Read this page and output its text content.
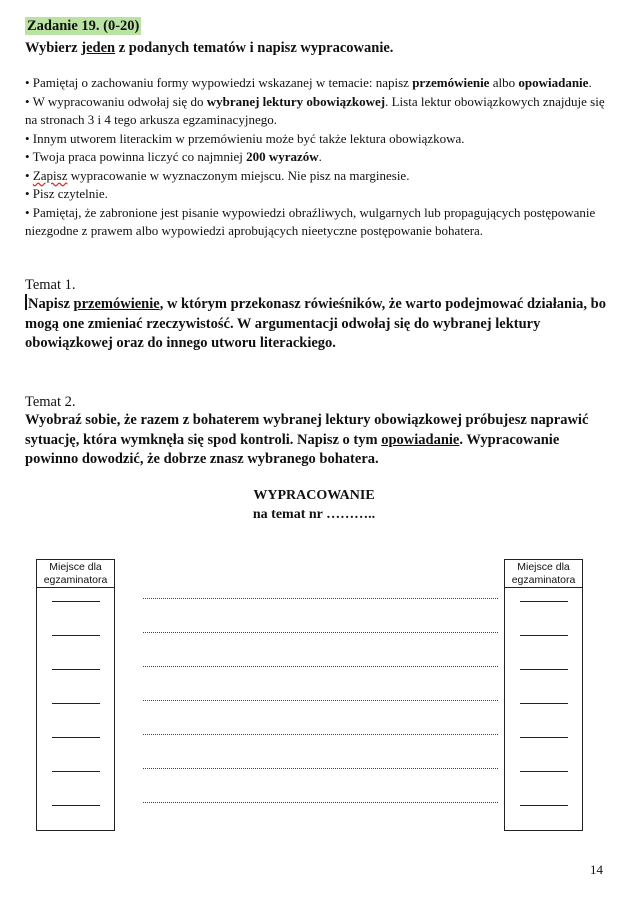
Zadanie 19. (0-20)
Wybierz jeden z podanych tematów i napisz wypracowanie.

• Pamiętaj o zachowaniu formy wypowiedzi wskazanej w temacie: napisz przemówienie albo opowiadanie.

• W wypracowaniu odwołaj się do wybranej lektury obowiązkowej. Lista lektur obowiązkowych znajduje się na stronach 3 i 4 tego arkusza egzaminacyjnego.

• Innym utworem literackim w przemówieniu może być także lektura obowiązkowa.

• Twoja praca powinna liczyć co najmniej 200 wyrazów.

• Zapisz wypracowanie w wyznaczonym miejscu. Nie pisz na marginesie.

• Pisz czytelnie.

• Pamiętaj, że zabronione jest pisanie wypowiedzi obraźliwych, wulgarnych lub propagujących postępowanie niezgodne z prawem albo wypowiedzi aprobujących nieetyczne postępowanie bohatera.

Temat 1.
Napisz przemówienie, w którym przekonasz rówieśników, że warto podejmować działania, bo mogą one zmieniać rzeczywistość. W argumentacji odwołaj się do wybranej lektury obowiązkowej oraz do innego utworu literackiego.
Temat 2.
Wyobraź sobie, że razem z bohaterem wybranej lektury obowiązkowej próbujesz naprawić sytuację, która wymknęła się spod kontroli. Napisz o tym opowiadanie. Wypracowanie powinno dowodzić, że dobrze znasz wybranego bohatera.
WYPRACOWANIE
na temat nr ………..
Miejsce dla egzaminatora
Miejsce dla egzaminatora
14
